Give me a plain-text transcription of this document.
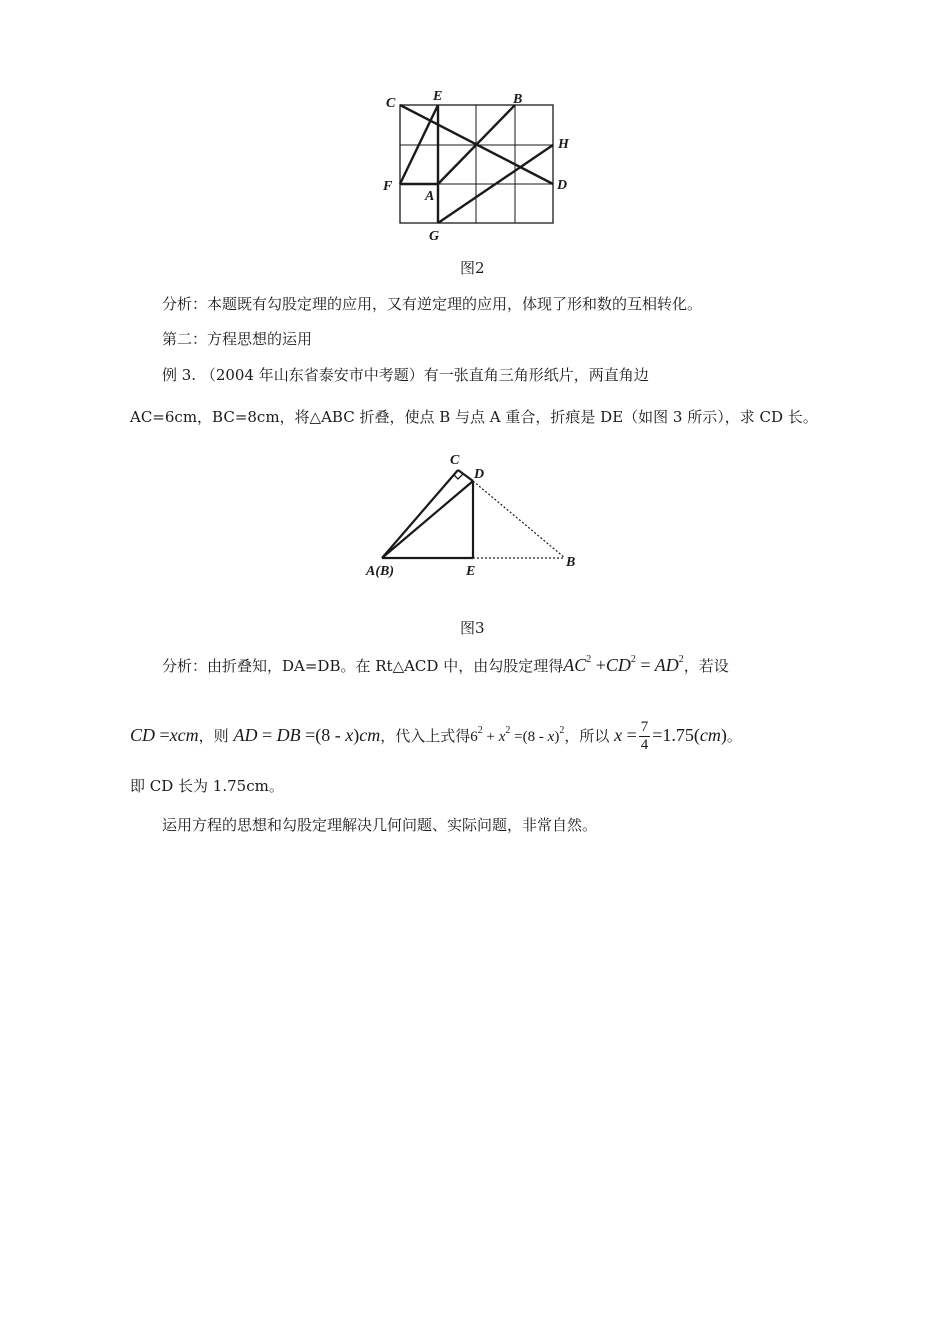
C	E	B
H
F
A
D
G
图2
分析：本题既有勾股定理的应用，又有逆定理的应用，体现了形和数的互相转化。
第二：方程思想的运用
例 3. （2004 年山东省泰安市中考题）有一张直角三角形纸片，两直角边
AC=6cm，BC=8cm，将△ABC 折叠，使点 B 与点 A 重合，折痕是 DE（如图 3 所示），求 CD 长。
C
D
A(B)	E
B
图3
分析：由折叠知，DA=DB。在 Rt△ACD 中，由勾股定理得$AC^2 +CD^2 = AD^2$，若设
CD =xcm，则 AD = DB =(8 - x)cm，代入上式得$6^2 + x^2 =(8 - x)^2$，所以 $x = \frac{7}{4} =1.75(cm)$。
即 CD 长为 1.75cm。
运用方程的思想和勾股定理解决几何问题、实际问题，非常自然。
